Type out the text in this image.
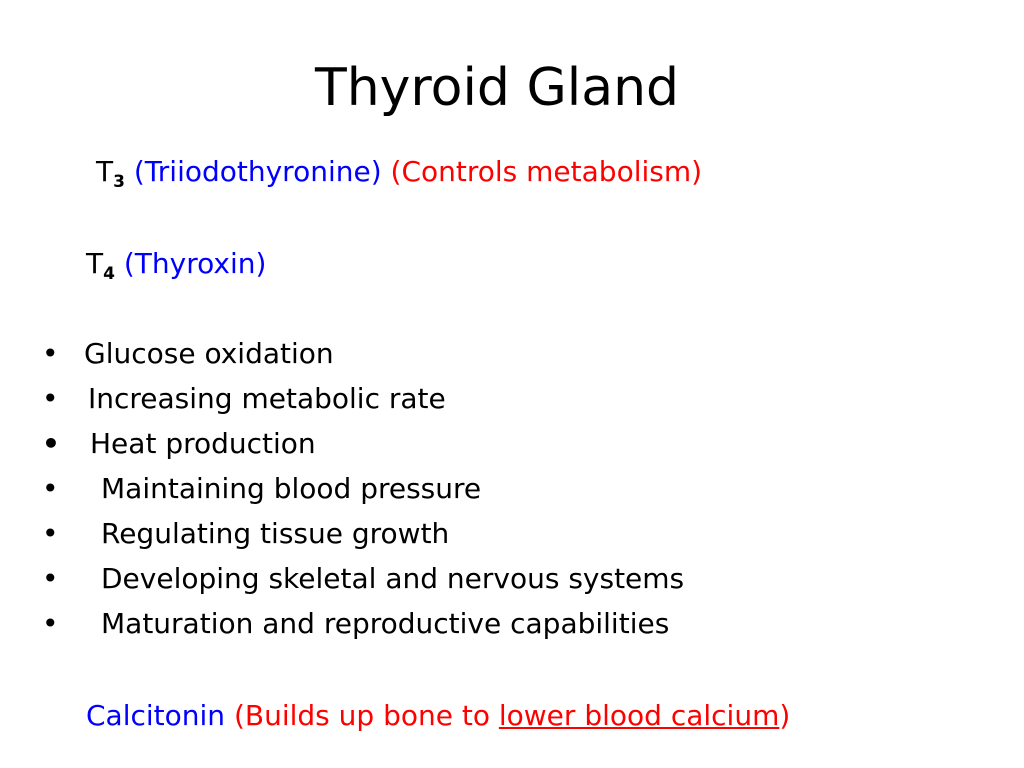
Thyroid Gland
$T_3$ (Triiodothyronine) (Controls metabolism)
$T_4$ (Thyroxin)
• Glucose oxidation
• Increasing metabolic rate
• Heat production
• Maintaining blood pressure
• Regulating tissue growth
• Developing skeletal and nervous systems
• Maturation and reproductive capabilities
Calcitonin (Builds up bone to lower blood calcium)
